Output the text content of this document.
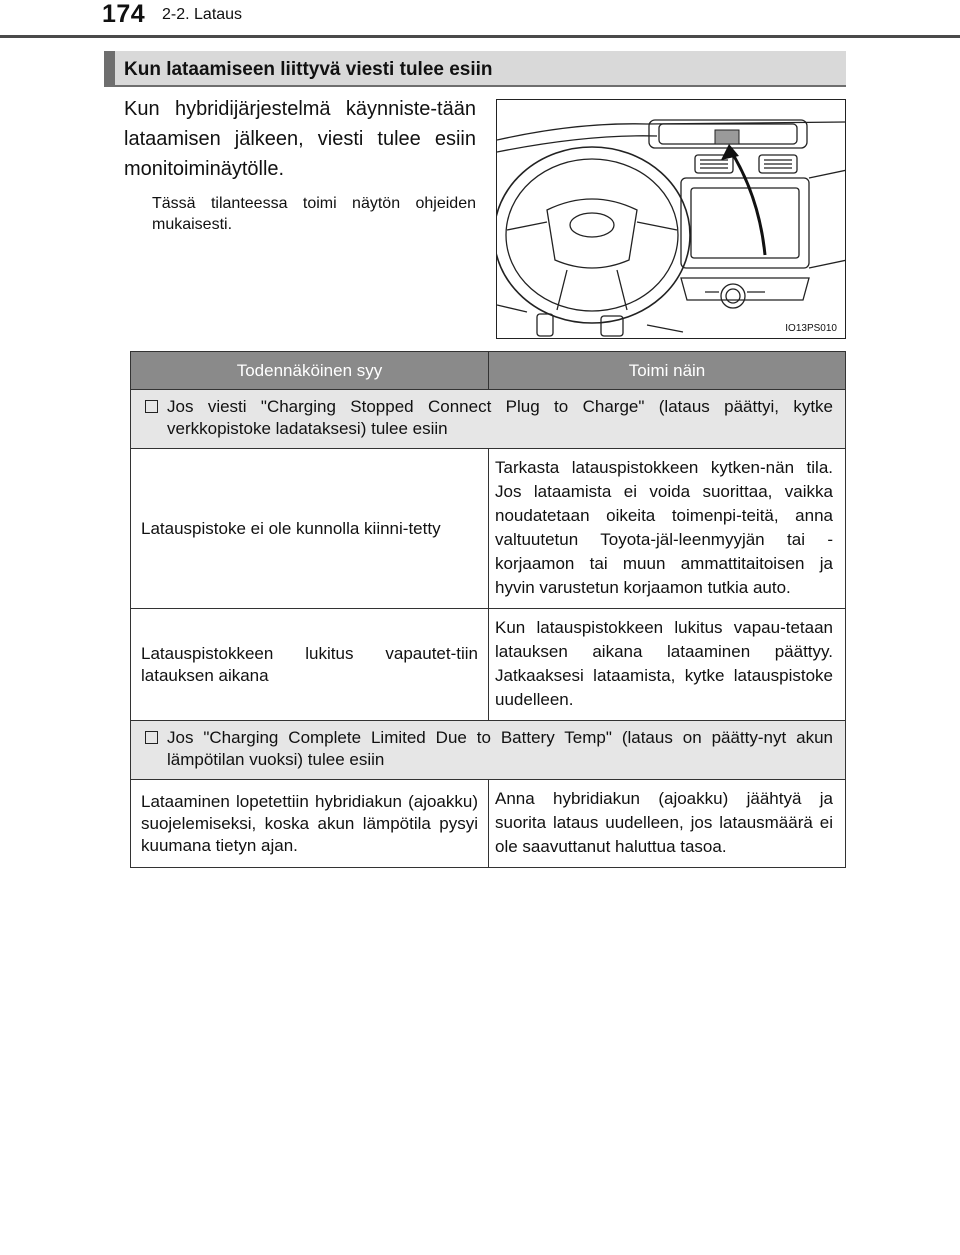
174 2-2. Lataus
Kun lataamiseen liittyvä viesti tulee esiin

Kun hybridijärjestelmä käynniste-tään lataamisen jälkeen, viesti tulee esiin monitoiminäytölle.

Tässä tilanteessa toimi näytön ohjeiden mukaisesti.

IO13PS010
Todennäköinen syy	Toimi näin

Jos viesti "Charging Stopped Connect Plug to Charge" (lataus päättyi, kytke verkkopistoke ladataksesi) tulee esiin	

Latauspistoke ei ole kunnolla kiinni-tetty	Tarkasta latauspistokkeen kytken-nän tila. Jos lataamista ei voida suorittaa, vaikka noudatetaan oikeita toimenpi-teitä, anna valtuutetun Toyota-jäl-leenmyyjän tai -korjaamon tai muun ammattitaitoisen ja hyvin varustetun korjaamon tutkia auto.
Latauspistokkeen lukitus vapautet-tiin latauksen aikana	Kun latauspistokkeen lukitus vapau-tetaan latauksen aikana lataaminen päättyy. Jatkaaksesi lataamista, kytke latauspistoke uudelleen.

Jos "Charging Complete Limited Due to Battery Temp" (lataus on päätty-nyt akun lämpötilan vuoksi) tulee esiin	

Lataaminen lopetettiin hybridiakun (ajoakku) suojelemiseksi, koska akun lämpötila pysyi kuumana tietyn ajan.	Anna hybridiakun (ajoakku) jäähtyä ja suorita lataus uudelleen, jos latausmäärä ei ole saavuttanut haluttua tasoa.
